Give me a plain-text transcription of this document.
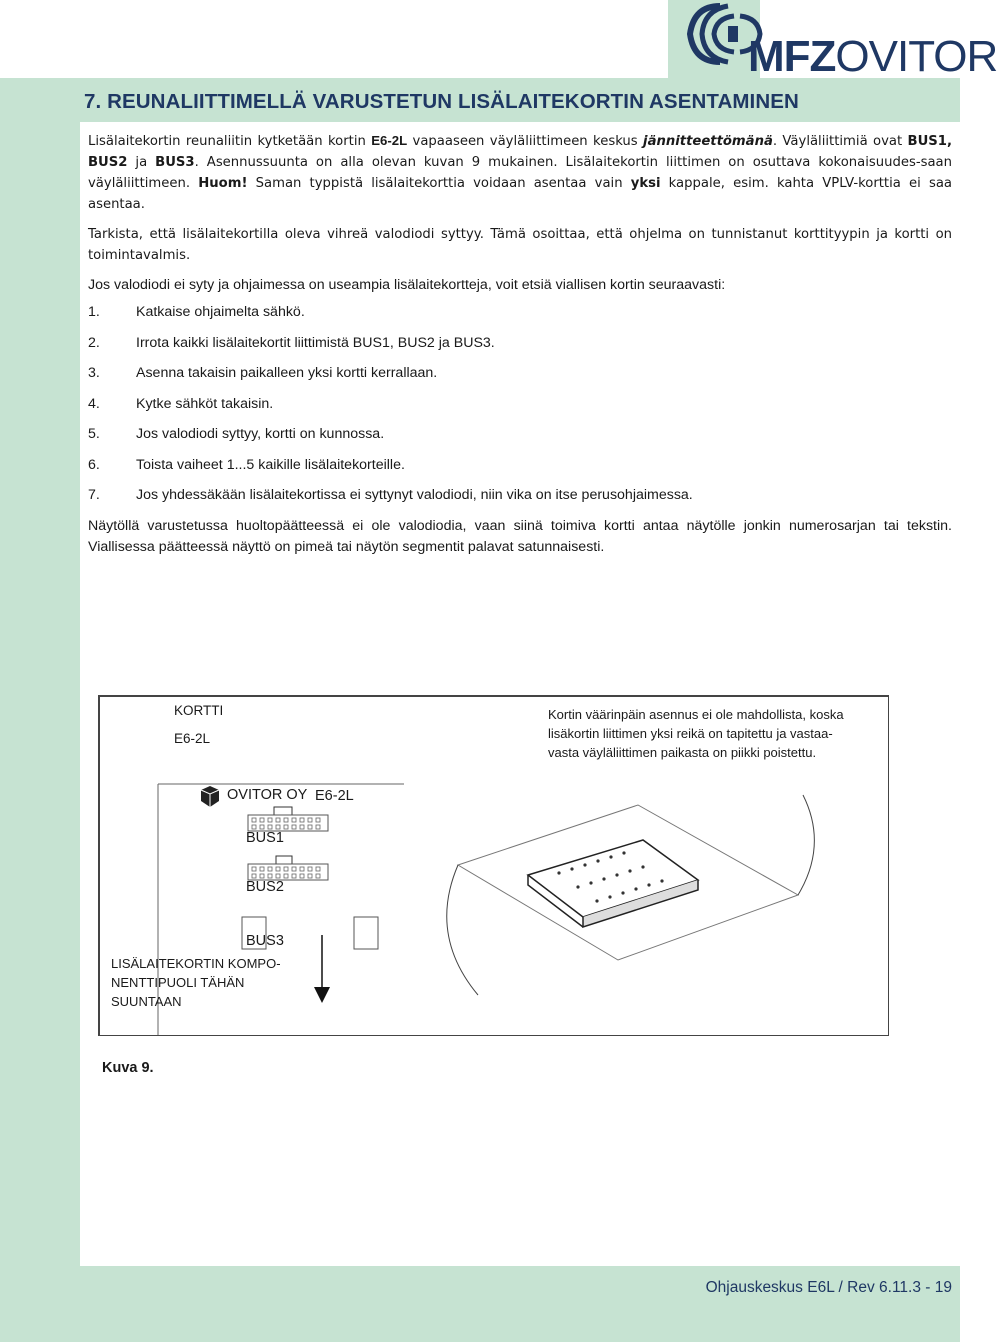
MFZOVITOR
7. REUNALIITTIMELLÄ VARUSTETUN LISÄLAITEKORTIN ASENTAMINEN

Lisälaitekortin reunaliitin kytketään kortin E6-2L vapaaseen väyläliittimeen keskus jännitteettömänä. Väyläliittimiä ovat BUS1, BUS2 ja BUS3. Asennussuunta on alla olevan kuvan 9 mukainen. Lisälaitekortin liittimen on osuttava kokonaisuudes-saan väyläliittimeen. Huom! Saman typpistä lisälaitekorttia voidaan asentaa vain yksi kappale, esim. kahta VPLV-korttia ei saa asentaa.

Tarkista, että lisälaitekortilla oleva vihreä valodiodi syttyy. Tämä osoittaa, että ohjelma on tunnistanut korttityypin ja kortti on toimintavalmis.

Jos valodiodi ei syty ja ohjaimessa on useampia lisälaitekortteja, voit etsiä viallisen kortin seuraavasti:

1.	Katkaise ohjaimelta sähkö.
2.	Irrota kaikki lisälaitekortit liittimistä BUS1, BUS2 ja BUS3.
3.	Asenna takaisin paikalleen yksi kortti kerrallaan.
4.	Kytke sähköt takaisin.
5.	Jos valodiodi syttyy, kortti on kunnossa.
6.	Toista vaiheet 1...5 kaikille lisälaitekorteille.
7.	Jos yhdessäkään lisälaitekortissa ei syttynyt valodiodi, niin vika on itse perusohjaimessa.

Näytöllä varustetussa huoltopäätteessä ei ole valodiodia, vaan siinä toimiva kortti antaa näytölle jonkin numerosarjan tai tekstin. Viallisessa päätteessä näyttö on pimeä tai näytön segmentit palavat satunnaisesti.

KORTTI
E6-2L
Kortin väärinpäin asennus ei ole mahdollista, koska
lisäkortin liittimen yksi reikä on tapitettu ja vastaa-
vasta väyläliittimen paikasta on piikki poistettu.
OVITOR OY E6-2L
BUS1
BUS2
BUS3
LISÄLAITEKORTIN KOMPO-
NENTTIPUOLI TÄHÄN
SUUNTAAN
Kuva 9.
Ohjauskeskus E6L / Rev 6.11.3 - 19
